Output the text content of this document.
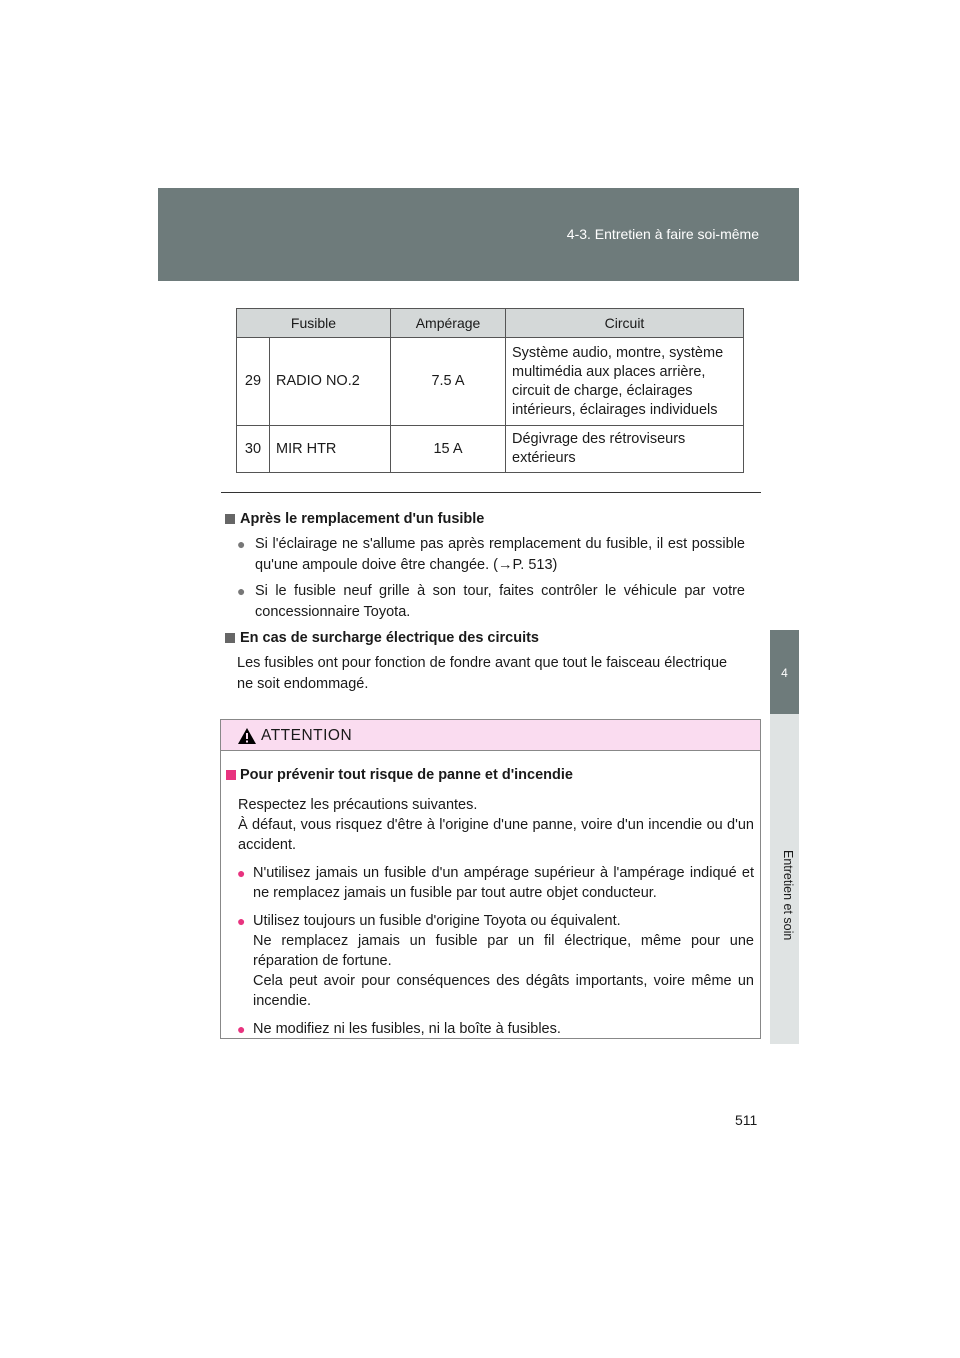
4-3. Entretien à faire soi-même
4
Fusible		Ampérage	Circuit
29	RADIO NO.2	7.5 A	Système audio, montre, système multimédia aux places arrière, circuit de charge, éclairages intérieurs, éclairages individuels
30	MIR HTR	15 A	Dégivrage des rétroviseurs extérieurs

Après le remplacement d'un fusible

● Si l'éclairage ne s'allume pas après remplacement du fusible, il est possible qu'une ampoule doive être changée. (→P. 513)

● Si le fusible neuf grille à son tour, faites contrôler le véhicule par votre concessionnaire Toyota.

En cas de surcharge électrique des circuits

Les fusibles ont pour fonction de fondre avant que tout le faisceau électrique ne soit endommagé.

ATTENTION

Pour prévenir tout risque de panne et d'incendie

Respectez les précautions suivantes.
À défaut, vous risquez d'être à l'origine d'une panne, voire d'un incendie ou d'un accident.

● N'utilisez jamais un fusible d'un ampérage supérieur à l'ampérage indiqué et ne remplacez jamais un fusible par tout autre objet conducteur.

● Utilisez toujours un fusible d'origine Toyota ou équivalent.
Ne remplacez jamais un fusible par un fil électrique, même pour une réparation de fortune.
Cela peut avoir pour conséquences des dégâts importants, voire même un incendie.

● Ne modifiez ni les fusibles, ni la boîte à fusibles.

511
